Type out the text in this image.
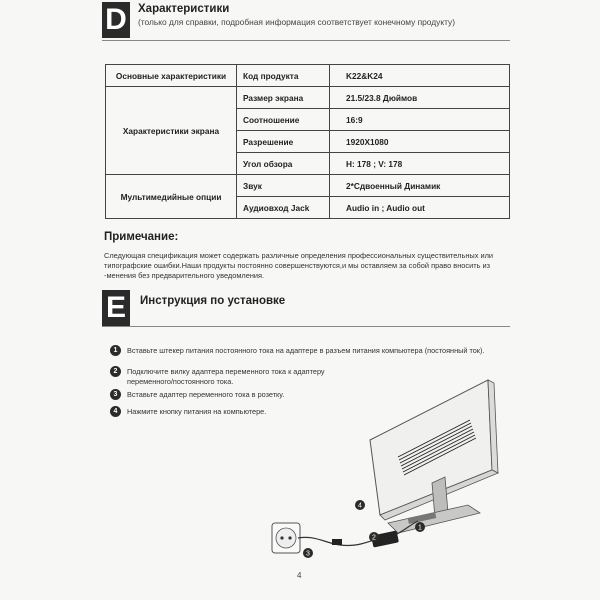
D Характеристики
(только для справки, подробная информация соответствует конечному продукту)
Основные характеристики	Код продукта	K22&K24
Характеристики экрана	Размер экрана	21.5/23.8 Дюймов
	Соотношение	16:9
	Разрешение	1920X1080
	Угол обзора	H: 178 ; V: 178
Мультимедийные опции	Звук	2*Сдвоенный Динамик
	Аудиовход Jack	Audio in ; Audio out
Примечание:
Следующая спецификация может содержать различные определения профессиональных существительных или типографские ошибки.Наши продукты постоянно совершенствуются,и мы оставляем за собой право вносить из -менения без предварительного уведомления.
E	Инструкция по установке
1	Вставьте штекер питания постоянного тока на адаптере в разъем питания компьютера (постоянный ток).
2	Подключите вилку адаптера переменного тока к адаптеру
переменного/постоянного тока.
3	Вставьте адаптер переменного тока в розетку.
4	Нажмите кнопку питания на компьютере.
4
2
3
1
4
